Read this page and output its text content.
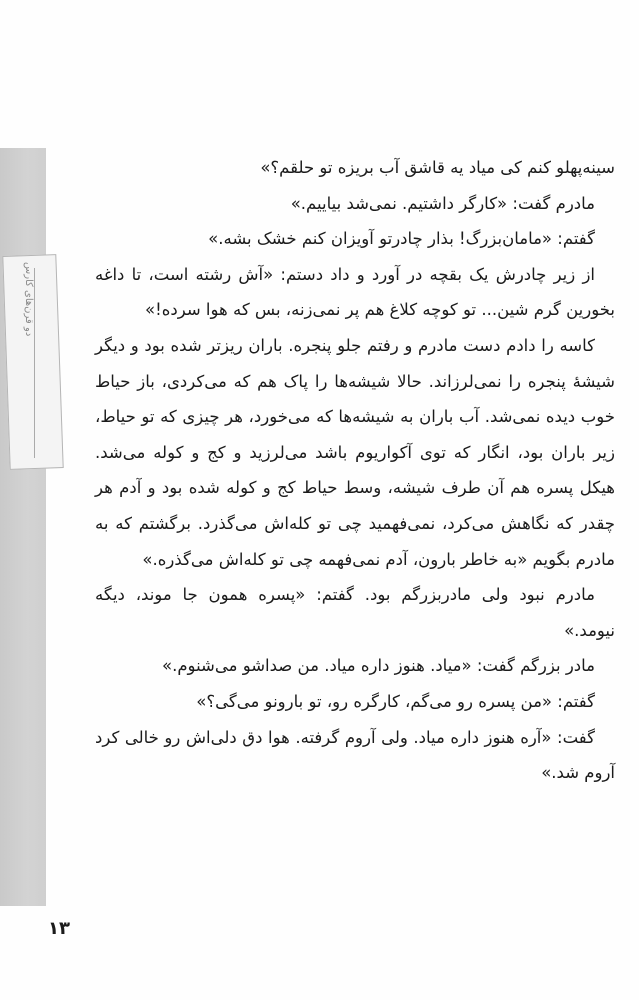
دو قرن‌های کارس

سینه‌پهلو کنم کی میاد یه قاشق آب بریزه تو حلقم؟»

مادرم گفت: «کارگر داشتیم. نمی‌شد بیاییم.»

گفتم: «مامان‌بزرگ! بذار چادرتو آویزان کنم خشک بشه.»

از زیر چادرش یک بقچه در آورد و داد دستم: «آش رشته است، تا داغه بخورین گرم شین... تو کوچه کلاغ هم پر نمی‌زنه، بس که هوا سرده!»

کاسه را دادم دست مادرم و رفتم جلو پنجره. باران ریزتر شده بود و دیگر شیشهٔ پنجره را نمی‌لرزاند. حالا شیشه‌ها را پاک هم که می‌کردی، باز حیاط خوب دیده نمی‌شد. آب باران به شیشه‌ها که می‌خورد، هر چیزی که تو حیاط، زیر باران بود، انگار که توی آکواریوم باشد می‌لرزید و کج و کوله می‌شد. هیکل پسره هم آن طرف شیشه، وسط حیاط کج و کوله شده بود و آدم هر چقدر که نگاهش می‌کرد، نمی‌فهمید چی تو کله‌اش می‌گذرد. برگشتم که به مادرم بگویم «به خاطر بارون، آدم نمی‌فهمه چی تو کله‌اش می‌گذره.»

مادرم نبود ولی مادربزرگم بود. گفتم: «پسره همون جا موند، دیگه نیومد.»

مادر بزرگم گفت: «میاد. هنوز داره میاد. من صداشو می‌شنوم.»

گفتم: «من پسره رو می‌گم، کارگره رو، تو بارونو می‌گی؟»

گفت: «آره هنوز داره میاد. ولی آروم گرفته. هوا دق دلی‌اش رو خالی کرد آروم شد.»

۱۳
